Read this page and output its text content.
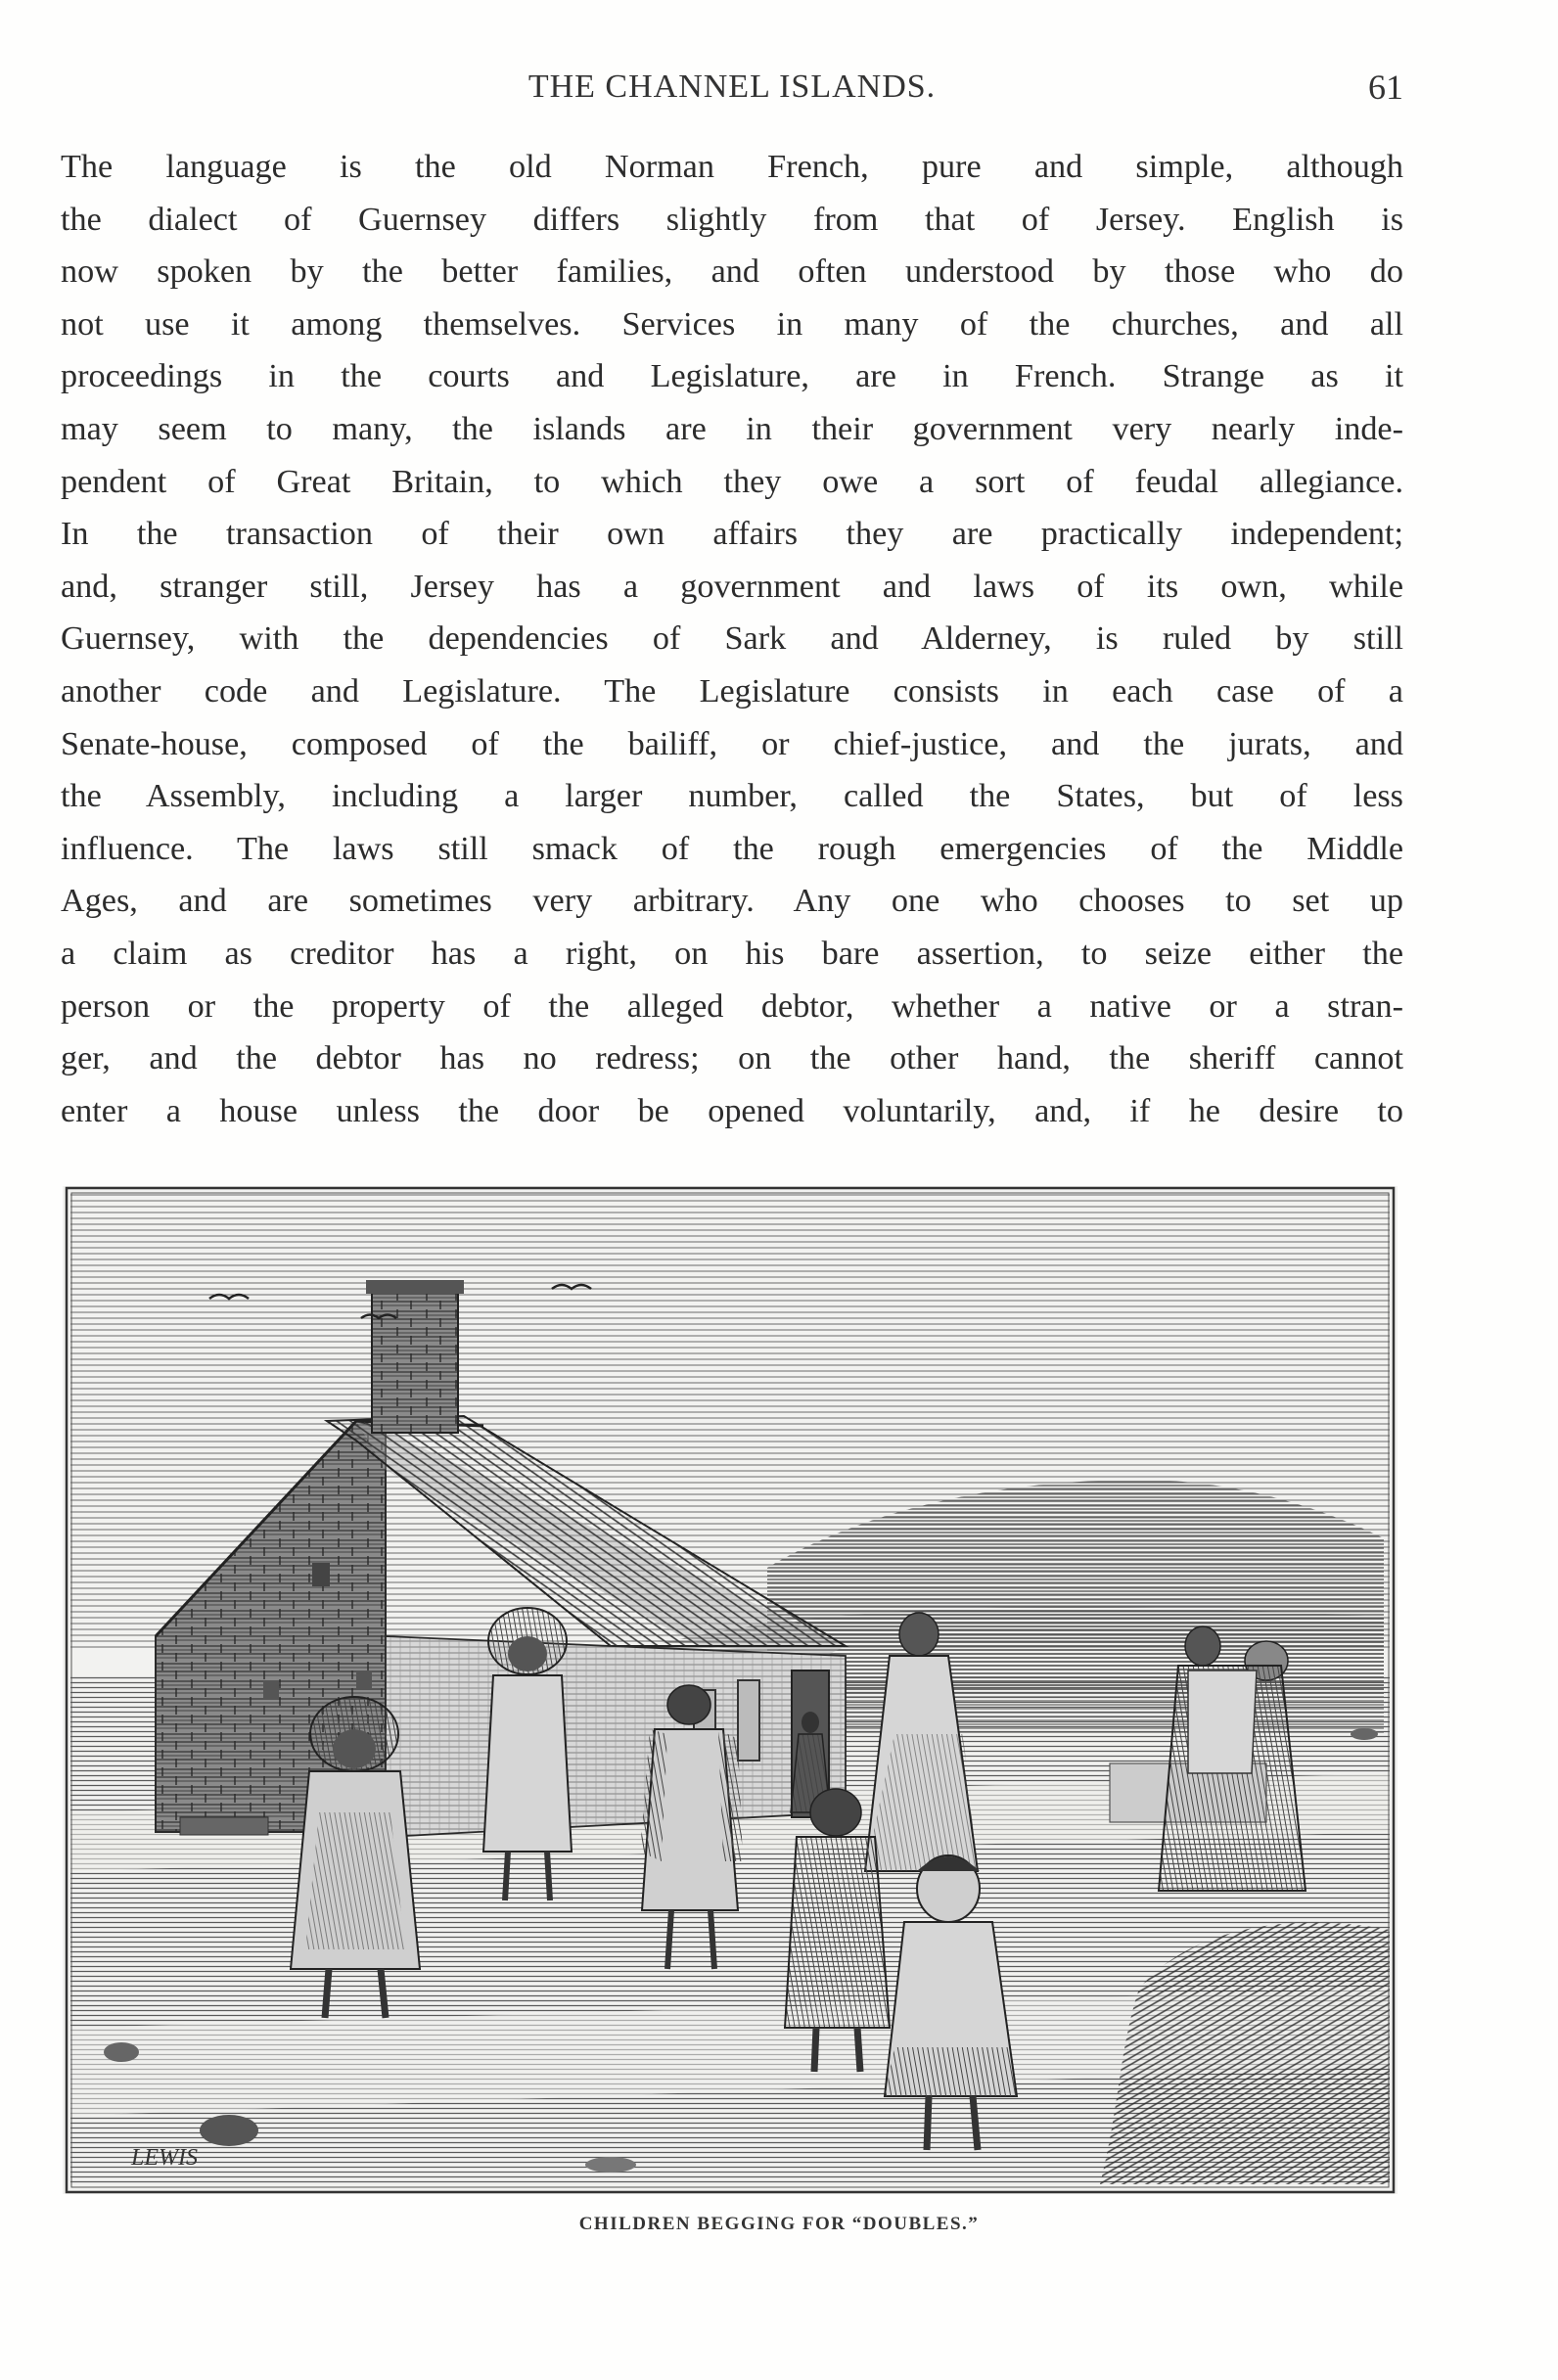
THE CHANNEL ISLANDS.	61
The language is the old Norman French, pure and simple, although
the dialect of Guernsey differs slightly from that of Jersey. English is
now spoken by the better families, and often understood by those who do
not use it among themselves. Services in many of the churches, and all
proceedings in the courts and Legislature, are in French. Strange as it
may seem to many, the islands are in their government very nearly inde-
pendent of Great Britain, to which they owe a sort of feudal allegiance.
In the transaction of their own affairs they are practically independent;
and, stranger still, Jersey has a government and laws of its own, while
Guernsey, with the dependencies of Sark and Alderney, is ruled by still
another code and Legislature. The Legislature consists in each case of a
Senate-house, composed of the bailiff, or chief-justice, and the jurats, and
the Assembly, including a larger number, called the States, but of less
influence. The laws still smack of the rough emergencies of the Middle
Ages, and are sometimes very arbitrary. Any one who chooses to set up
a claim as creditor has a right, on his bare assertion, to seize either the
person or the property of the alleged debtor, whether a native or a stran-
ger, and the debtor has no redress; on the other hand, the sheriff cannot
enter a house unless the door be opened voluntarily, and, if he desire to
LEWIS
CHILDREN BEGGING FOR “DOUBLES.”
